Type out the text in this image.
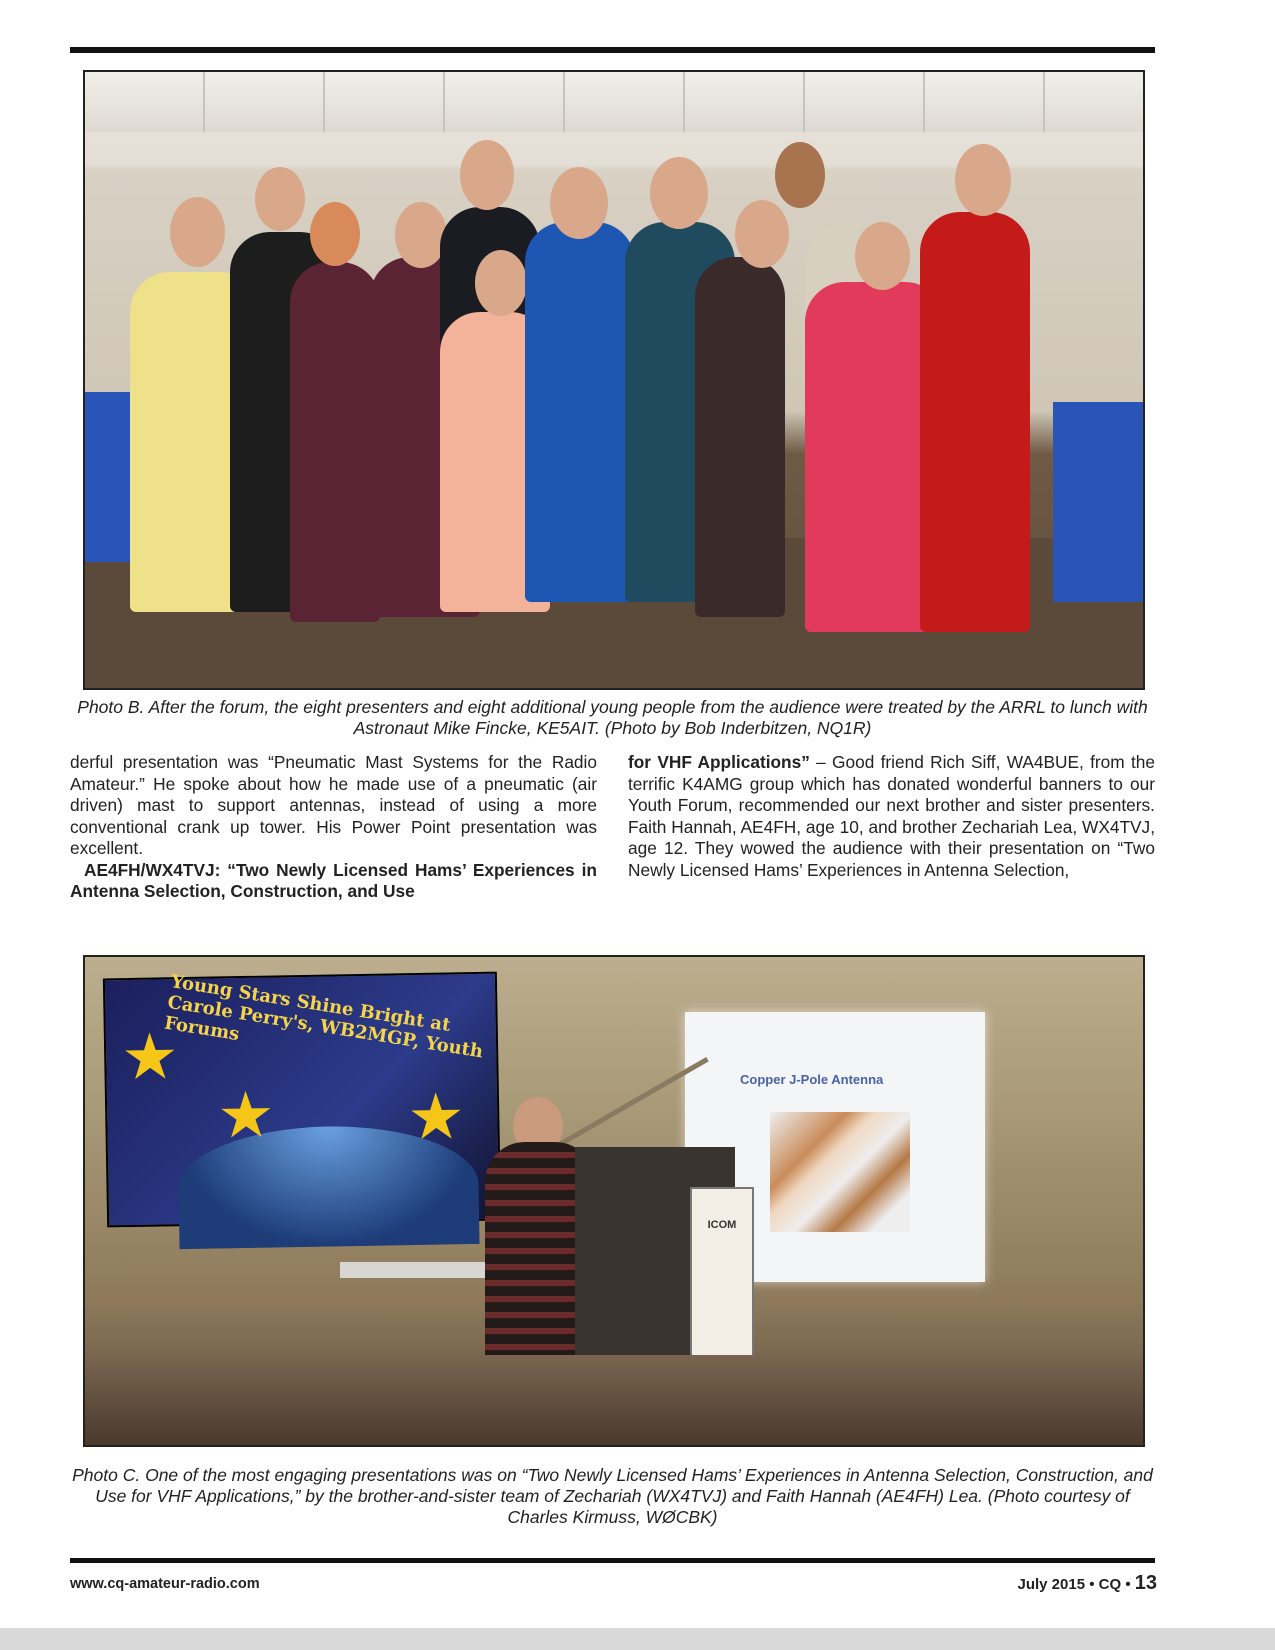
Photo B. After the forum, the eight presenters and eight additional young people from the audience were treated by the ARRL to lunch with Astronaut Mike Fincke, KE5AIT. (Photo by Bob Inderbitzen, NQ1R)

derful presentation was “Pneumatic Mast Systems for the Radio Amateur.” He spoke about how he made use of a pneumatic (air driven) mast to support antennas, instead of using a more conventional crank up tower. His Power Point presentation was excellent.

AE4FH/WX4TVJ: “Two Newly Licensed Hams’ Experiences in Antenna Selection, Construction, and Use

for VHF Applications” – Good friend Rich Siff, WA4BUE, from the terrific K4AMG group which has donated wonderful banners to our Youth Forum, recommended our next brother and sister presenters. Faith Hannah, AE4FH, age 10, and brother Zechariah Lea, WX4TVJ, age 12. They wowed the audience with their presentation on “Two Newly Licensed Hams’ Experiences in Antenna Selection,

Young Stars Shine Bright at Carole Perry's, WB2MGP, Youth Forums
★
★ ★
Copper J-Pole Antenna
ICOM
Photo C. One of the most engaging presentations was on “Two Newly Licensed Hams’ Experiences in Antenna Selection, Construction, and Use for VHF Applications,” by the brother-and-sister team of Zechariah (WX4TVJ) and Faith Hannah (AE4FH) Lea. (Photo courtesy of Charles Kirmuss, WØCBK)
www.cq-amateur-radio.com	July 2015 • CQ • 13
